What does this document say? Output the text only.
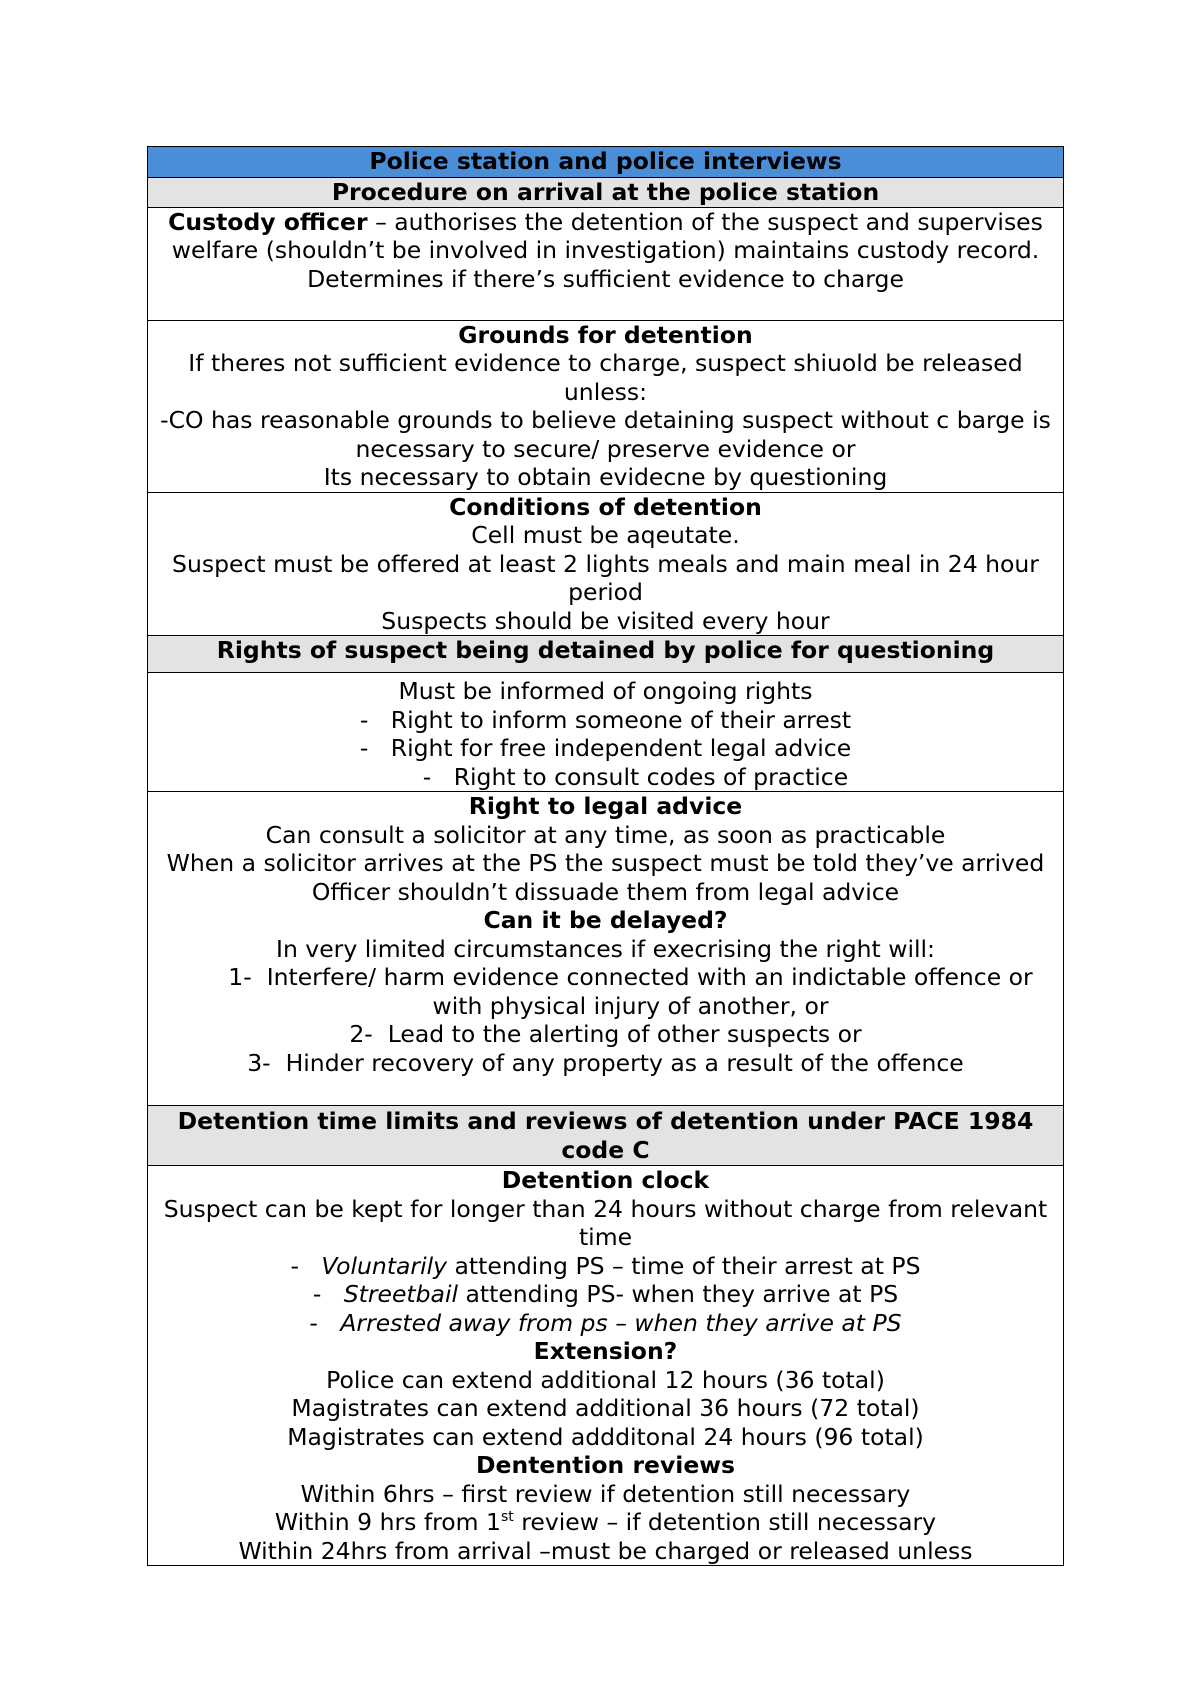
Police station and police interviews
Procedure on arrival at the police station

Custody officer – authorises the detention of the suspect and supervises welfare (shouldn’t be involved in investigation) maintains custody record.
Determines if there’s sufficient evidence to charge

Grounds for detention
If theres not sufficient evidence to charge, suspect shiuold be released unless:
-CO has reasonable grounds to believe detaining suspect without c barge is necessary to secure/ preserve evidence or
Its necessary to obtain evidecne by questioning

Conditions of detention
Cell must be aqeutate.
Suspect must be offered at least 2 lights meals and main meal in 24 hour period
Suspects should be visited every hour

Rights of suspect being detained by police for questioning

Must be informed of ongoing rights
- Right to inform someone of their arrest
- Right for free independent legal advice
- Right to consult codes of practice

Right to legal advice
Can consult a solicitor at any time, as soon as practicable
When a solicitor arrives at the PS the suspect must be told they’ve arrived
Officer shouldn’t dissuade them from legal advice
Can it be delayed?
In very limited circumstances if execrising the right will:
1- Interfere/ harm evidence connected with an indictable offence or with physical injury of another, or
2- Lead to the alerting of other suspects or
3- Hinder recovery of any property as a result of the offence

Detention time limits and reviews of detention under PACE 1984 code C

Detention clock
Suspect can be kept for longer than 24 hours without charge from relevant time
- Voluntarily attending PS – time of their arrest at PS
- Streetbail attending PS- when they arrive at PS
- Arrested away from ps – when they arrive at PS
Extension?
Police can extend additional 12 hours (36 total)
Magistrates can extend additional 36 hours (72 total)
Magistrates can extend addditonal 24 hours (96 total)
Dentention reviews
Within 6hrs – first review if detention still necessary
Within 9 hrs from 1st review – if detention still necessary
Within 24hrs from arrival –must be charged or released unless
